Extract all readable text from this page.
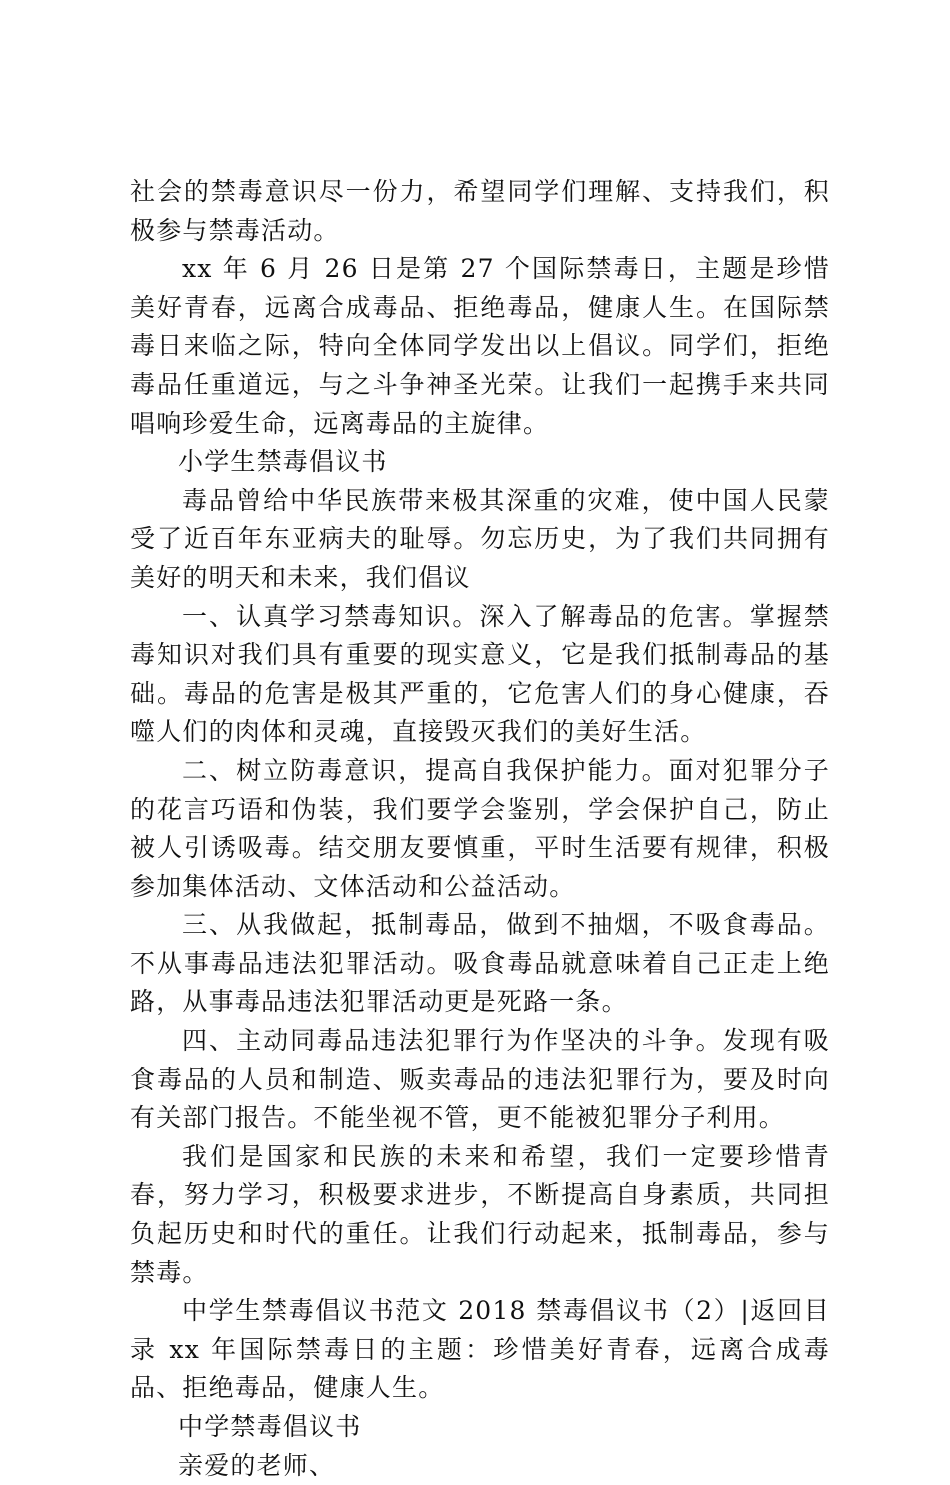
社会的禁毒意识尽一份力，希望同学们理解、支持我们，积极参与禁毒活动。

xx 年 6 月 26 日是第 27 个国际禁毒日，主题是珍惜美好青春，远离合成毒品、拒绝毒品，健康人生。在国际禁毒日来临之际，特向全体同学发出以上倡议。同学们，拒绝毒品任重道远，与之斗争神圣光荣。让我们一起携手来共同唱响珍爱生命，远离毒品的主旋律。

小学生禁毒倡议书

毒品曾给中华民族带来极其深重的灾难，使中国人民蒙受了近百年东亚病夫的耻辱。勿忘历史，为了我们共同拥有美好的明天和未来，我们倡议

一、认真学习禁毒知识。深入了解毒品的危害。掌握禁毒知识对我们具有重要的现实意义，它是我们抵制毒品的基础。毒品的危害是极其严重的，它危害人们的身心健康，吞噬人们的肉体和灵魂，直接毁灭我们的美好生活。

二、树立防毒意识，提高自我保护能力。面对犯罪分子的花言巧语和伪装，我们要学会鉴别，学会保护自己，防止被人引诱吸毒。结交朋友要慎重，平时生活要有规律，积极参加集体活动、文体活动和公益活动。

三、从我做起，抵制毒品，做到不抽烟，不吸食毒品。不从事毒品违法犯罪活动。吸食毒品就意味着自己正走上绝路，从事毒品违法犯罪活动更是死路一条。

四、主动同毒品违法犯罪行为作坚决的斗争。发现有吸食毒品的人员和制造、贩卖毒品的违法犯罪行为，要及时向有关部门报告。不能坐视不管，更不能被犯罪分子利用。

我们是国家和民族的未来和希望，我们一定要珍惜青春，努力学习，积极要求进步，不断提高自身素质，共同担负起历史和时代的重任。让我们行动起来，抵制毒品，参与禁毒。

中学生禁毒倡议书范文 2018 禁毒倡议书（2）|返回目录 xx 年国际禁毒日的主题：珍惜美好青春，远离合成毒品、拒绝毒品，健康人生。

中学禁毒倡议书

亲爱的老师、
